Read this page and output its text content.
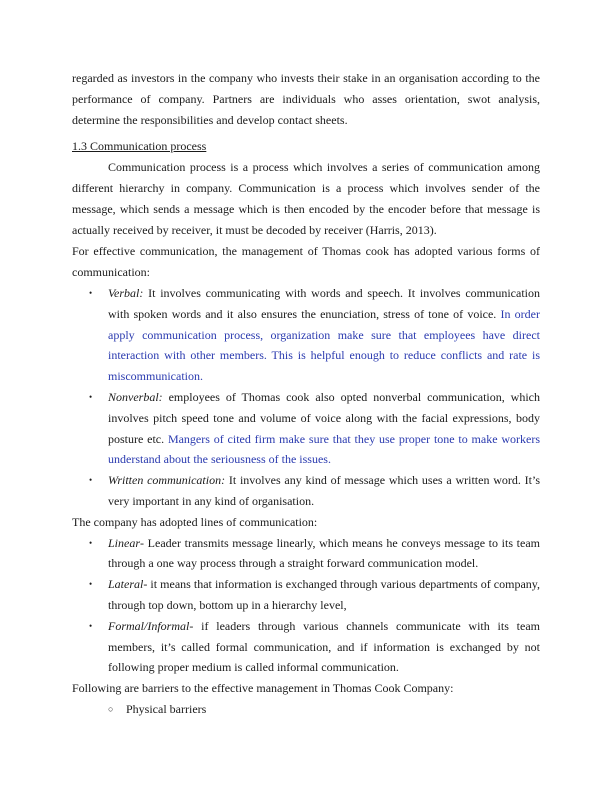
regarded as investors in the company who invests their stake in an organisation according to the performance of company. Partners are individuals who asses orientation, swot analysis, determine the responsibilities and develop contact sheets.

1.3 Communication process

Communication process is a process which involves a series of communication among different hierarchy in company. Communication is a process which involves sender of the message, which sends a message which is then encoded by the encoder before that message is actually received by receiver, it must be decoded by receiver (Harris, 2013).

For effective communication, the management of Thomas cook has adopted various forms of communication:

• Verbal: It involves communicating with words and speech. It involves communication with spoken words and it also ensures the enunciation, stress of tone of voice. In order apply communication process, organization make sure that employees have direct interaction with other members. This is helpful enough to reduce conflicts and rate is miscommunication.
• Nonverbal: employees of Thomas cook also opted nonverbal communication, which involves pitch speed tone and volume of voice along with the facial expressions, body posture etc. Mangers of cited firm make sure that they use proper tone to make workers understand about the seriousness of the issues.
• Written communication: It involves any kind of message which uses a written word. It’s very important in any kind of organisation.

The company has adopted lines of communication:

• Linear- Leader transmits message linearly, which means he conveys message to its team through a one way process through a straight forward communication model.
• Lateral- it means that information is exchanged through various departments of company, through top down, bottom up in a hierarchy level,
• Formal/Informal- if leaders through various channels communicate with its team members, it’s called formal communication, and if information is exchanged by not following proper medium is called informal communication.

Following are barriers to the effective management in Thomas Cook Company:

○ Physical barriers
